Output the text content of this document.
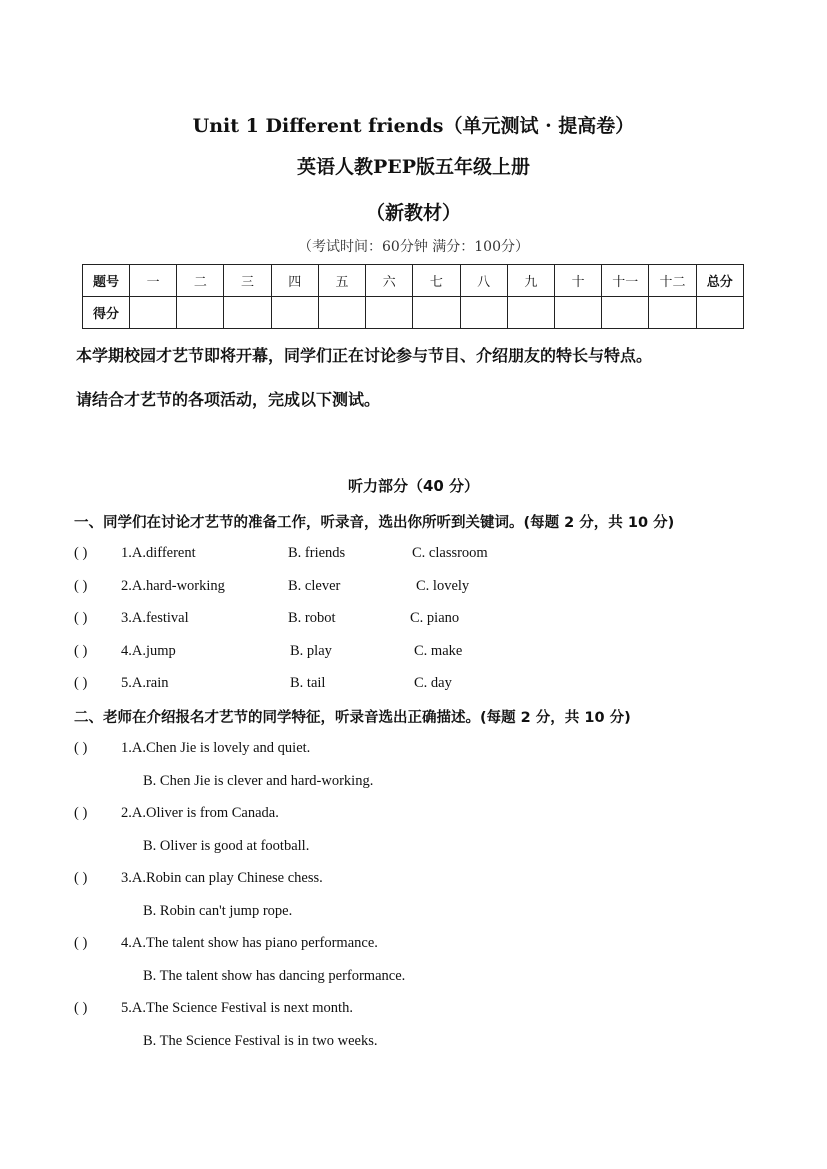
Unit 1 Different friends（单元测试 · 提高卷）
英语人教PEP版五年级上册
（新教材）
（考试时间：60分钟 满分：100分）
题号	一	二	三	四	五	六	七	八	九	十	十一	十二	总分
得分													
本学期校园才艺节即将开幕，同学们正在讨论参与节目、介绍朋友的特长与特点。
请结合才艺节的各项活动，完成以下测试。
听力部分（40 分）
一、同学们在讨论才艺节的准备工作，听录音，选出你所听到关键词。(每题 2 分，共 10 分)
( ) 1.A.different	B. friends	C. classroom
( ) 2.A.hard-working	B. clever	C. lovely
( ) 3.A.festival	B. robot	C. piano
( ) 4.A.jump	B. play	C. make
( ) 5.A.rain	B. tail	C. day
二、老师在介绍报名才艺节的同学特征，听录音选出正确描述。(每题 2 分，共 10 分)
( ) 1.A.Chen Jie is lovely and quiet.
B. Chen Jie is clever and hard-working.
( ) 2.A.Oliver is from Canada.
B. Oliver is good at football.
( ) 3.A.Robin can play Chinese chess.
B. Robin can't jump rope.
( ) 4.A.The talent show has piano performance.
B. The talent show has dancing performance.
( ) 5.A.The Science Festival is next month.
B. The Science Festival is in two weeks.
